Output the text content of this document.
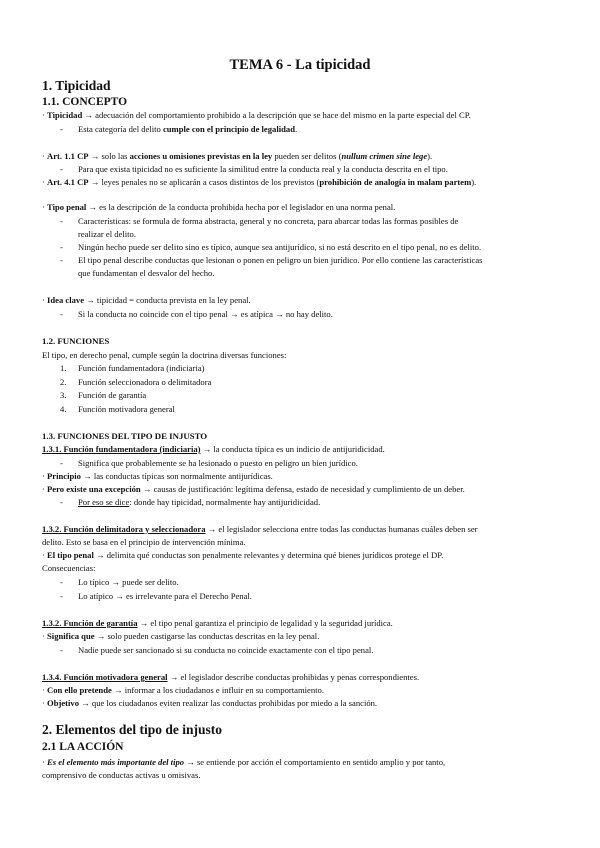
TEMA 6 - La tipicidad
1. Tipicidad
1.1. CONCEPTO
· Tipicidad → adecuación del comportamiento prohibido a la descripción que se hace del mismo en la parte especial del CP.
- Esta categoría del delito cumple con el principio de legalidad.
· Art. 1.1 CP → solo las acciones u omisiones previstas en la ley pueden ser delitos (nullum crimen sine lege).
- Para que exista tipicidad no es suficiente la similitud entre la conducta real y la conducta descrita en el tipo.
· Art. 4.1 CP → leyes penales no se aplicarán a casos distintos de los previstos (prohibición de analogía in malam partem).
· Tipo penal → es la descripción de la conducta prohibida hecha por el legislador en una norma penal.
- Características: se formula de forma abstracta, general y no concreta, para abarcar todas las formas posibles de
realizar el delito.
- Ningún hecho puede ser delito sino es típico, aunque sea antijurídico, si no está descrito en el tipo penal, no es delito.
- El tipo penal describe conductas que lesionan o ponen en peligro un bien jurídico. Por ello contiene las características
que fundamentan el desvalor del hecho.
· Idea clave → tipicidad = conducta prevista en la ley penal.
- Si la conducta no coincide con el tipo penal → es atípica → no hay delito.
1.2. FUNCIONES
El tipo, en derecho penal, cumple según la doctrina diversas funciones:
1. Función fundamentadora (indiciaria)
2. Función seleccionadora o delimitadora
3. Función de garantía
4. Función motivadora general
1.3. FUNCIONES DEL TIPO DE INJUSTO
1.3.1. Función fundamentadora (indiciaria) → la conducta típica es un indicio de antijuridicidad.
- Significa que probablemente se ha lesionado o puesto en peligro un bien jurídico.
· Principio → las conductas típicas son normalmente antijurídicas.
· Pero existe una excepción → causas de justificación: legítima defensa, estado de necesidad y cumplimiento de un deber.
- Por eso se dice: donde hay tipicidad, normalmente hay antijuridicidad.
1.3.2. Función delimitadora y seleccionadora → el legislador selecciona entre todas las conductas humanas cuáles deben ser
delito. Esto se basa en el principio de intervención mínima.
· El tipo penal → delimita qué conductas son penalmente relevantes y determina qué bienes jurídicos protege el DP.
Consecuencias:
- Lo típico → puede ser delito.
- Lo atípico → es irrelevante para el Derecho Penal.
1.3.2. Función de garantía → el tipo penal garantiza el principio de legalidad y la seguridad jurídica.
· Significa que → solo pueden castigarse las conductas descritas en la ley penal.
- Nadie puede ser sancionado si su conducta no coincide exactamente con el tipo penal.
1.3.4. Función motivadora general → el legislador describe conductas prohibidas y penas correspondientes.
· Con ello pretende → informar a los ciudadanos e influir en su comportamiento.
· Objetivo → que los ciudadanos eviten realizar las conductas prohibidas por miedo a la sanción.
2. Elementos del tipo de injusto
2.1 LA ACCIÓN
· Es el elemento más importante del tipo → se entiende por acción el comportamiento en sentido amplio y por tanto,
comprensivo de conductas activas u omisivas.
